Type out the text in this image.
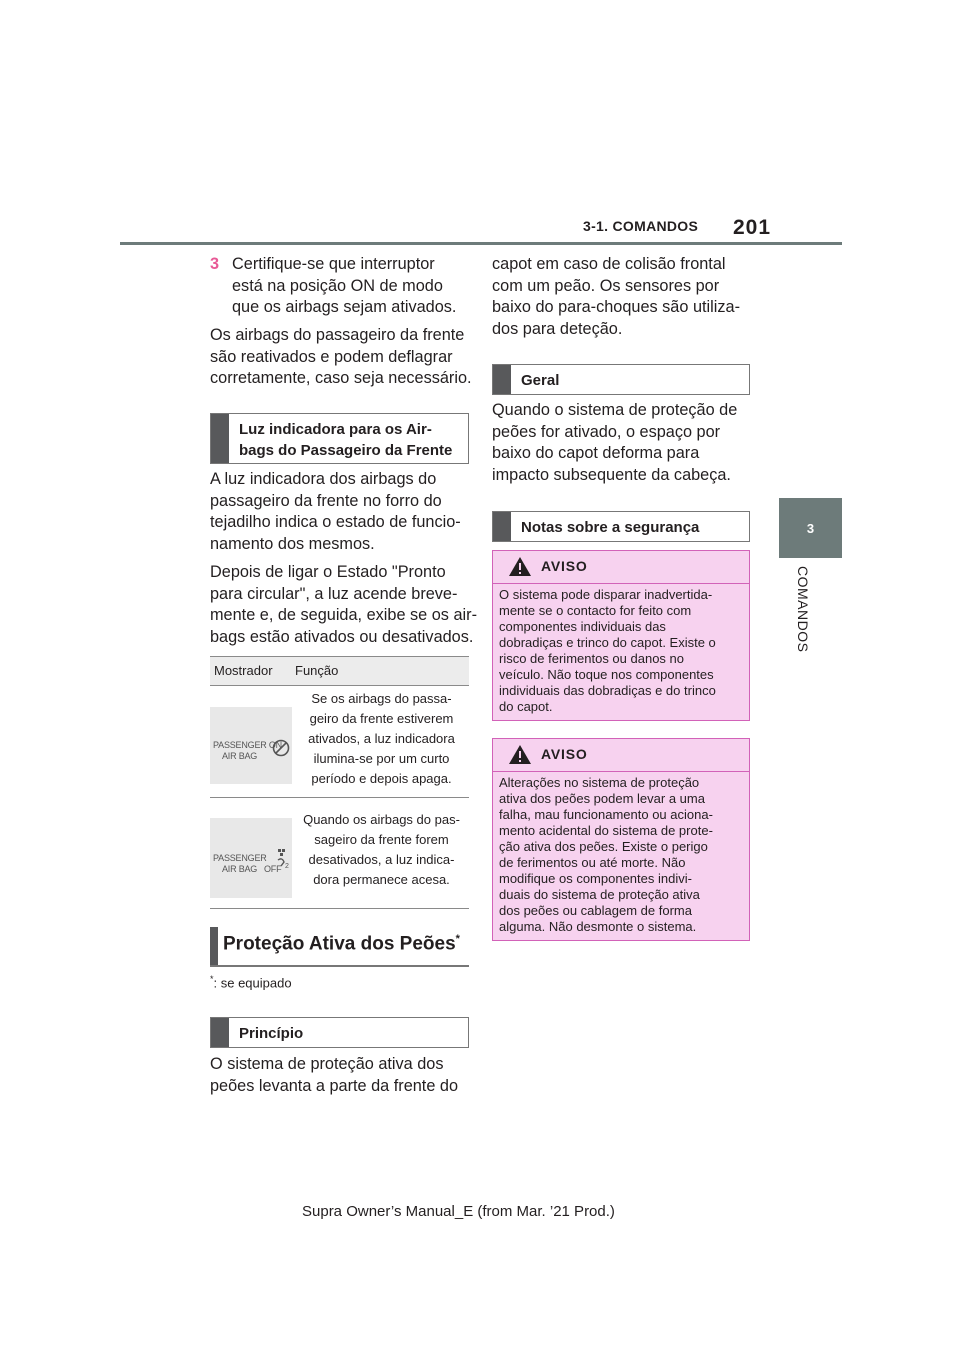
3-1. COMANDOS 201
3
COMANDOS
3 Certifique-se que interruptor
está na posição ON de modo
que os airbags sejam ativados.

Os airbags do passageiro da frente
são reativados e podem deflagrar
corretamente, caso seja necessário.

Luz indicadora para os Air-
bags do Passageiro da Frente

A luz indicadora dos airbags do
passageiro da frente no forro do
tejadilho indica o estado de funcio-
namento dos mesmos.

Depois de ligar o Estado "Pronto
para circular", a luz acende breve-
mente e, de seguida, exibe se os air-
bags estão ativados ou desativados.

Mostrador Função
PASSENGER ON
AIR BAG
Se os airbags do passa-
geiro da frente estiverem
ativados, a luz indicadora
ilumina-se por um curto
período e depois apaga.
PASSENGER
AIR BAG   OFF 2
Quando os airbags do pas-
sageiro da frente forem
desativados, a luz indica-
dora permanece acesa.
Proteção Ativa dos Peões*
*: se equipado
Princípio

O sistema de proteção ativa dos
peões levanta a parte da frente do

capot em caso de colisão frontal
com um peão. Os sensores por
baixo do para-choques são utiliza-
dos para deteção.

Geral

Quando o sistema de proteção de
peões for ativado, o espaço por
baixo do capot deforma para
impacto subsequente da cabeça.

Notas sobre a segurança
AVISO
O sistema pode disparar inadvertida-
mente se o contacto for feito com
componentes individuais das
dobradiças e trinco do capot. Existe o
risco de ferimentos ou danos no
veículo. Não toque nos componentes
individuais das dobradiças e do trinco
do capot.
AVISO
Alterações no sistema de proteção
ativa dos peões podem levar a uma
falha, mau funcionamento ou aciona-
mento acidental do sistema de prote-
ção ativa dos peões. Existe o perigo
de ferimentos ou até morte. Não
modifique os componentes indivi-
duais do sistema de proteção ativa
dos peões ou cablagem de forma
alguma. Não desmonte o sistema.
Supra Owner’s Manual_E (from Mar. ’21 Prod.)
